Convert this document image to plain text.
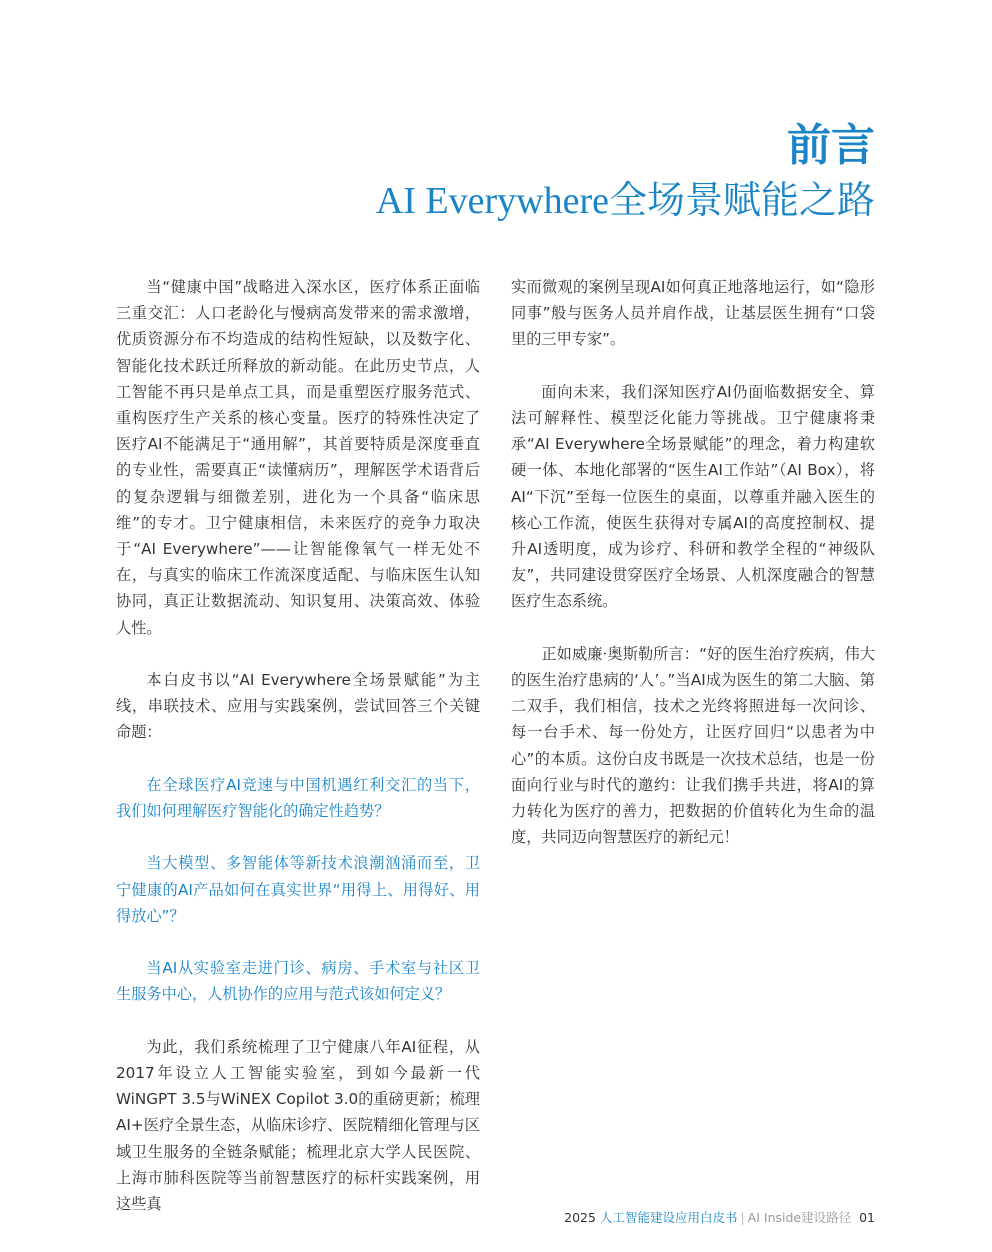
前言
AI Everywhere全场景赋能之路

当“健康中国”战略进入深水区，医疗体系正面临三重交汇：人口老龄化与慢病高发带来的需求激增，优质资源分布不均造成的结构性短缺，以及数字化、智能化技术跃迁所释放的新动能。在此历史节点，人工智能不再只是单点工具，而是重塑医疗服务范式、重构医疗生产关系的核心变量。医疗的特殊性决定了医疗AI不能满足于“通用解”，其首要特质是深度垂直的专业性，需要真正“读懂病历”，理解医学术语背后的复杂逻辑与细微差别，进化为一个具备“临床思维”的专才。卫宁健康相信，未来医疗的竞争力取决于“AI Everywhere”——让智能像氧气一样无处不在，与真实的临床工作流深度适配、与临床医生认知协同，真正让数据流动、知识复用、决策高效、体验人性。

本白皮书以“AI Everywhere全场景赋能”为主线，串联技术、应用与实践案例，尝试回答三个关键命题：

在全球医疗AI竞速与中国机遇红利交汇的当下，我们如何理解医疗智能化的确定性趋势？

当大模型、多智能体等新技术浪潮汹涌而至，卫宁健康的AI产品如何在真实世界“用得上、用得好、用得放心”？

当AI从实验室走进门诊、病房、手术室与社区卫生服务中心，人机协作的应用与范式该如何定义？

为此，我们系统梳理了卫宁健康八年AI征程，从2017年设立人工智能实验室，到如今最新一代WiNGPT 3.5与WiNEX Copilot 3.0的重磅更新；梳理AI+医疗全景生态，从临床诊疗、医院精细化管理与区域卫生服务的全链条赋能；梳理北京大学人民医院、上海市肺科医院等当前智慧医疗的标杆实践案例，用这些真

实而微观的案例呈现AI如何真正地落地运行，如“隐形同事”般与医务人员并肩作战，让基层医生拥有“口袋里的三甲专家”。

面向未来，我们深知医疗AI仍面临数据安全、算法可解释性、模型泛化能力等挑战。卫宁健康将秉承“AI Everywhere全场景赋能”的理念，着力构建软硬一体、本地化部署的“医生AI工作站”（AI Box），将AI“下沉”至每一位医生的桌面，以尊重并融入医生的核心工作流，使医生获得对专属AI的高度控制权、提升AI透明度，成为诊疗、科研和教学全程的“神级队友”，共同建设贯穿医疗全场景、人机深度融合的智慧医疗生态系统。

正如威廉·奥斯勒所言：“好的医生治疗疾病，伟大的医生治疗患病的‘人’。”当AI成为医生的第二大脑、第二双手，我们相信，技术之光终将照进每一次问诊、每一台手术、每一份处方，让医疗回归“以患者为中心”的本质。这份白皮书既是一次技术总结，也是一份面向行业与时代的邀约：让我们携手共进，将AI的算力转化为医疗的善力，把数据的价值转化为生命的温度，共同迈向智慧医疗的新纪元！

2025 人工智能建设应用白皮书 | AI Inside建设路径 01
